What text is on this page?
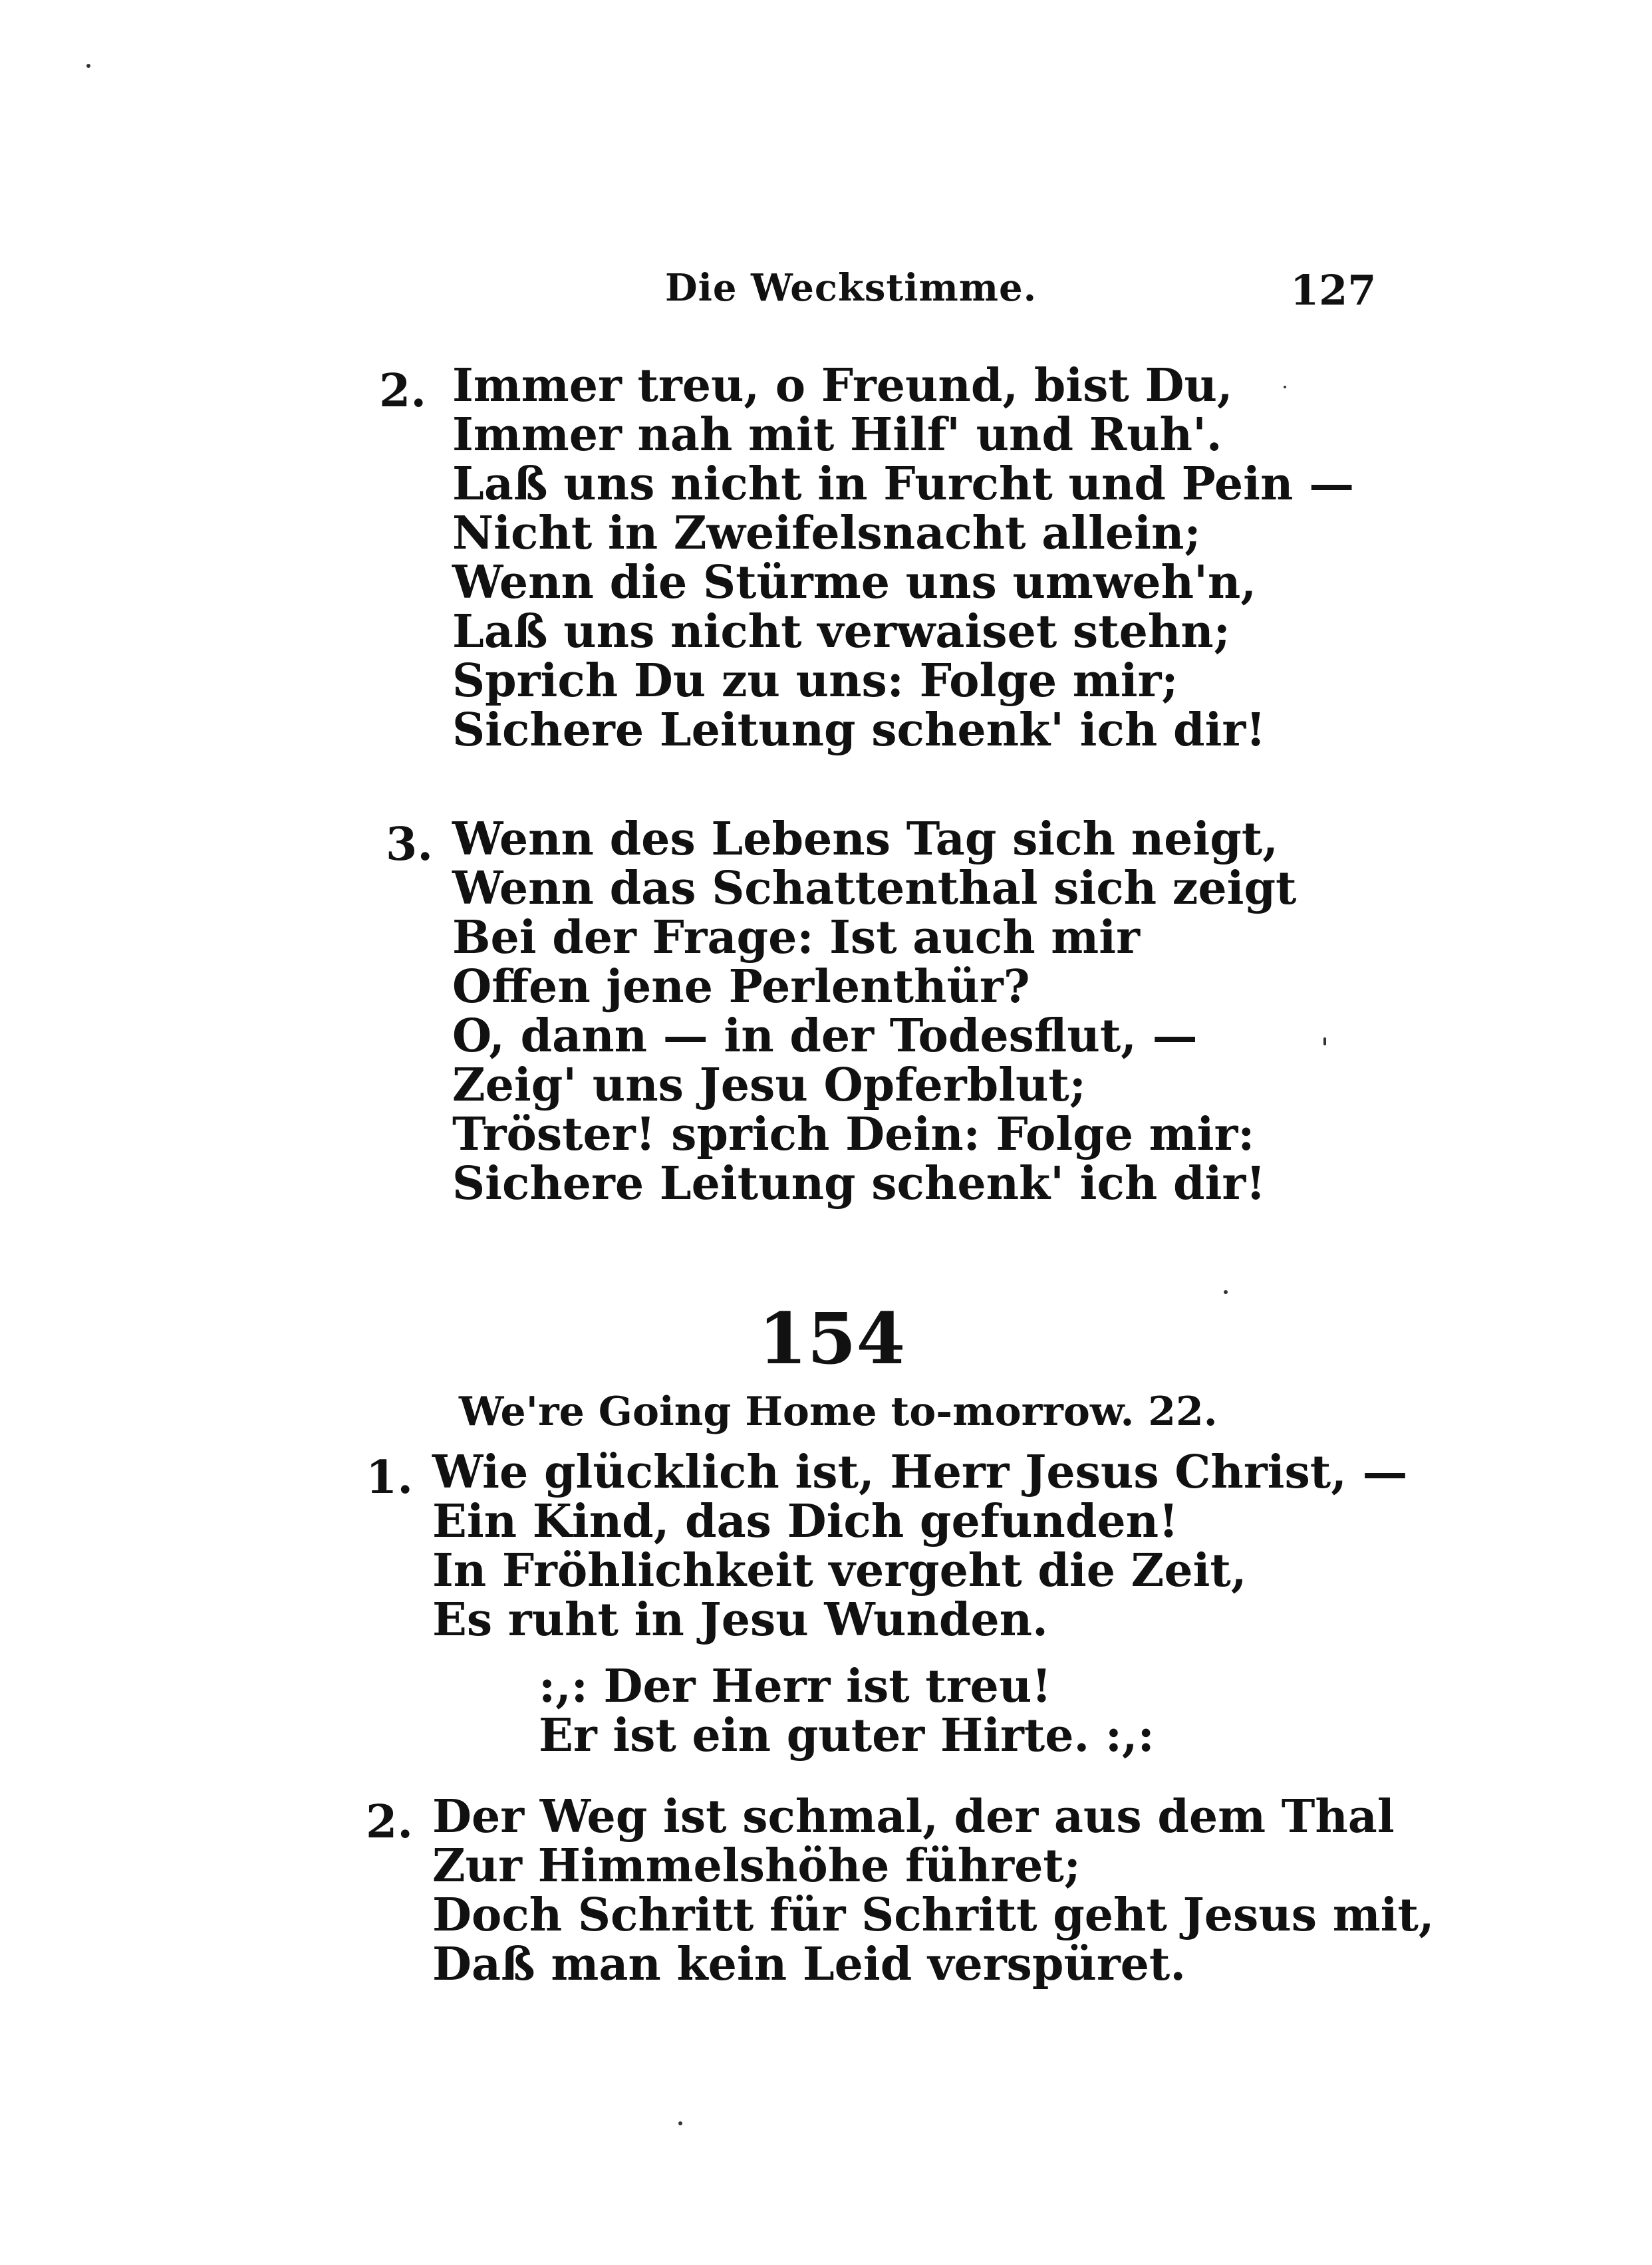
Die Weckstimme.	127
2. Immer treu, o Freund, bist Du,
Immer nah mit Hilf' und Ruh'.
Laß uns nicht in Furcht und Pein —
Nicht in Zweifelsnacht allein;
Wenn die Stürme uns umweh'n,
Laß uns nicht verwaiset stehn;
Sprich Du zu uns: Folge mir;
Sichere Leitung schenk' ich dir!
3. Wenn des Lebens Tag sich neigt,
Wenn das Schattenthal sich zeigt
Bei der Frage: Ist auch mir
Offen jene Perlenthür?
O, dann — in der Todesflut, —
Zeig' uns Jesu Opferblut;
Tröster! sprich Dein: Folge mir:
Sichere Leitung schenk' ich dir!
154
We're Going Home to-morrow. 22.
1. Wie glücklich ist, Herr Jesus Christ, —
Ein Kind, das Dich gefunden!
In Fröhlichkeit vergeht die Zeit,
Es ruht in Jesu Wunden.
:,: Der Herr ist treu!
Er ist ein guter Hirte. :,:
2. Der Weg ist schmal, der aus dem Thal
Zur Himmelshöhe führet;
Doch Schritt für Schritt geht Jesus mit,
Daß man kein Leid verspüret.
